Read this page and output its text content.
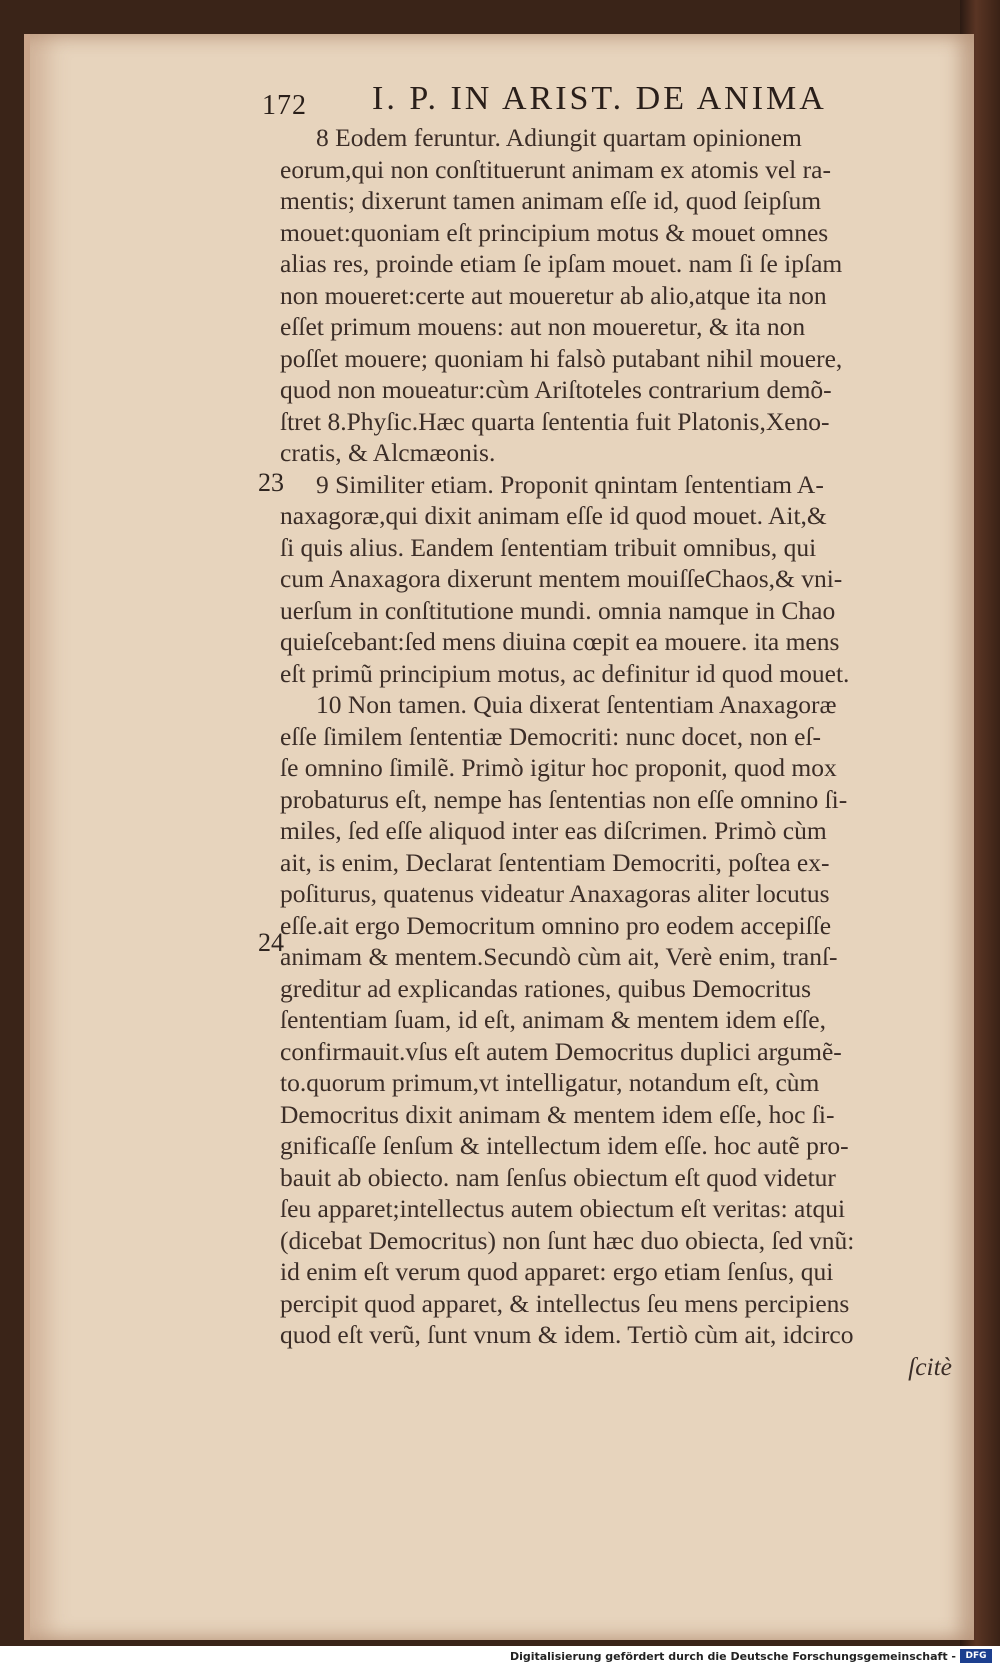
172 I. P. IN ARIST. DE ANIMA
23
24
8 Eodem feruntur. Adiungit quartam opinionem
eorum,qui non conſtituerunt animam ex atomis vel ra-
mentis; dixerunt tamen animam eſſe id, quod ſeipſum
mouet:quoniam eſt principium motus & mouet omnes
alias res, proinde etiam ſe ipſam mouet. nam ſi ſe ipſam
non moueret:certe aut moueretur ab alio,atque ita non
eſſet primum mouens: aut non moueretur, & ita non
poſſet mouere; quoniam hi falsò putabant nihil mouere,
quod non moueatur:cùm Ariſtoteles contrarium demõ-
ſtret 8.Phyſic.Hæc quarta ſententia fuit Platonis,Xeno-
cratis, & Alcmæonis.
9 Similiter etiam. Proponit qnintam ſententiam A-
naxagoræ,qui dixit animam eſſe id quod mouet. Ait,&
ſi quis alius. Eandem ſententiam tribuit omnibus, qui
cum Anaxagora dixerunt mentem mouiſſeChaos,& vni-
uerſum in conſtitutione mundi. omnia namque in Chao
quieſcebant:ſed mens diuina cœpit ea mouere. ita mens
eſt primũ principium motus, ac definitur id quod mouet.
10 Non tamen. Quia dixerat ſententiam Anaxagoræ
eſſe ſimilem ſententiæ Democriti: nunc docet, non eſ-
ſe omnino ſimilẽ. Primò igitur hoc proponit, quod mox
probaturus eſt, nempe has ſententias non eſſe omnino ſi-
miles, ſed eſſe aliquod inter eas diſcrimen. Primò cùm
ait, is enim, Declarat ſententiam Democriti, poſtea ex-
poſiturus, quatenus videatur Anaxagoras aliter locutus
eſſe.ait ergo Democritum omnino pro eodem accepiſſe
animam & mentem.Secundò cùm ait, Verè enim, tranſ-
greditur ad explicandas rationes, quibus Democritus
ſententiam ſuam, id eſt, animam & mentem idem eſſe,
confirmauit.vſus eſt autem Democritus duplici argumẽ-
to.quorum primum,vt intelligatur, notandum eſt, cùm
Democritus dixit animam & mentem idem eſſe, hoc ſi-
gnificaſſe ſenſum & intellectum idem eſſe. hoc autẽ pro-
bauit ab obiecto. nam ſenſus obiectum eſt quod videtur
ſeu apparet;intellectus autem obiectum eſt veritas: atqui
(dicebat Democritus) non ſunt hæc duo obiecta, ſed vnũ:
id enim eſt verum quod apparet: ergo etiam ſenſus, qui
percipit quod apparet, & intellectus ſeu mens percipiens
quod eſt verũ, ſunt vnum & idem. Tertiò cùm ait, idcirco
ſcitè
Digitalisierung gefördert durch die Deutsche Forschungsgemeinschaft -	DFG
